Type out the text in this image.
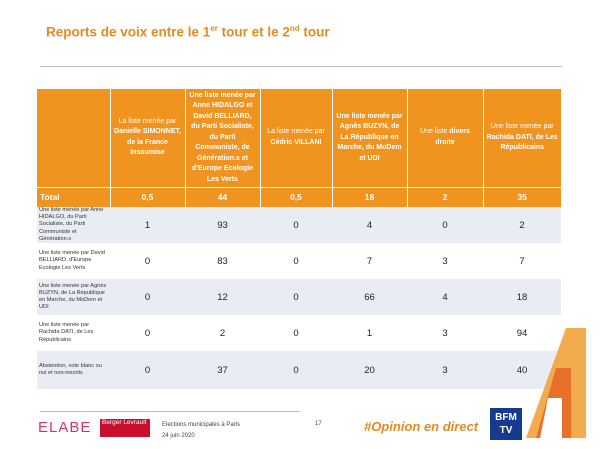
Reports de voix entre le 1er tour et le 2nd tour
	La liste menée par Danielle SIMONNET, de la France Insoumise	Une liste menée par Anne HIDALGO et David BELLIARD, du Parti Socialiste, du Parti Communiste, de Génération.s et d'Europe Ecologie Les Verts	La liste menée par Cédric VILLANI	Une liste menée par Agnès BUZYN, de La République en Marche, du MoDem et UDI	Une liste divers droite	Une liste menée par Rachida DATI, de Les Républicains
Total	0,5	44	0,5	18	2	35
Une liste menée par Anne HIDALGO, du Parti Socialiste, du Parti Communiste et Génération.s	1	93	0	4	0	2
Une liste menée par David BELLIARD, d'Europe Ecologie Les Verts	0	83	0	7	3	7
Une liste menée par Agnès BUZYN, de La République en Marche, du MoDem et UDI	0	12	0	66	4	18
Une liste menée par Rachida DATI, de Les Républicains	0	2	0	1	3	94
Abstention, vote blanc ou nul et non-inscrits	0	37	0	20	3	40
ELABE	Berger Levrault	Elections municipales à Paris
24 juin 2020
17	#Opinion en direct
BFM TV
